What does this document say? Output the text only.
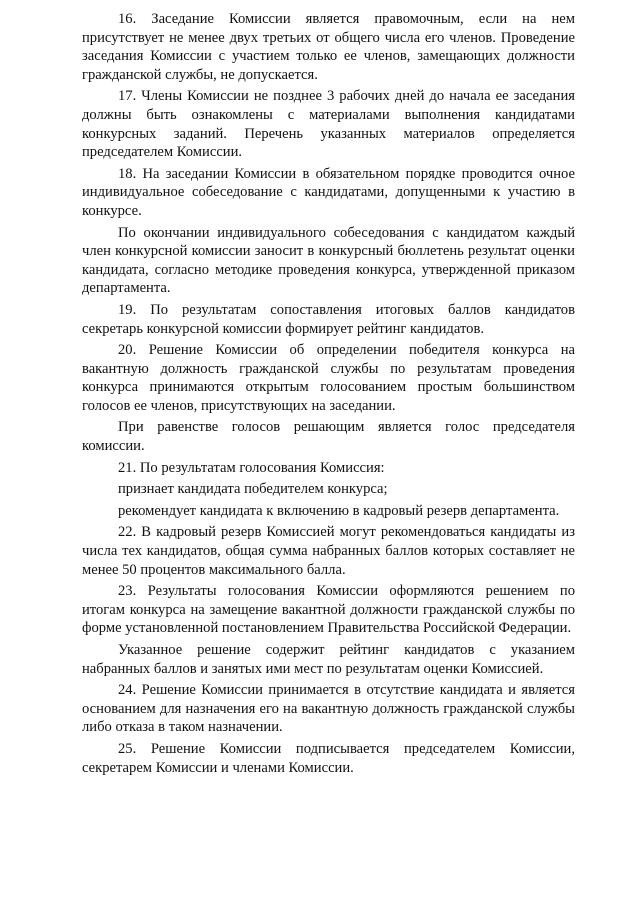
16. Заседание Комиссии является правомочным, если на нем присутствует не менее двух третьих от общего числа его членов. Проведение заседания Комиссии с участием только ее членов, замещающих должности гражданской службы, не допускается.

17. Члены Комиссии не позднее 3 рабочих дней до начала ее заседания должны быть ознакомлены с материалами выполнения кандидатами конкурсных заданий. Перечень указанных материалов определяется председателем Комиссии.

18. На заседании Комиссии в обязательном порядке проводится очное индивидуальное собеседование с кандидатами, допущенными к участию в конкурсе.

По окончании индивидуального собеседования с кандидатом каждый член конкурсной комиссии заносит в конкурсный бюллетень результат оценки кандидата, согласно методике проведения конкурса, утвержденной приказом департамента.

19. По результатам сопоставления итоговых баллов кандидатов секретарь конкурсной комиссии формирует рейтинг кандидатов.

20. Решение Комиссии об определении победителя конкурса на вакантную должность гражданской службы по результатам проведения конкурса принимаются открытым голосованием простым большинством голосов ее членов, присутствующих на заседании.

При равенстве голосов решающим является голос председателя комиссии.

21. По результатам голосования Комиссия:

признает кандидата победителем конкурса;

рекомендует кандидата к включению в кадровый резерв департамента.

22. В кадровый резерв Комиссией могут рекомендоваться кандидаты из числа тех кандидатов, общая сумма набранных баллов которых составляет не менее 50 процентов максимального балла.

23. Результаты голосования Комиссии оформляются решением по итогам конкурса на замещение вакантной должности гражданской службы по форме установленной постановлением Правительства Российской Федерации.

Указанное решение содержит рейтинг кандидатов с указанием набранных баллов и занятых ими мест по результатам оценки Комиссией.

24. Решение Комиссии принимается в отсутствие кандидата и является основанием для назначения его на вакантную должность гражданской службы либо отказа в таком назначении.

25. Решение Комиссии подписывается председателем Комиссии, секретарем Комиссии и членами Комиссии.
